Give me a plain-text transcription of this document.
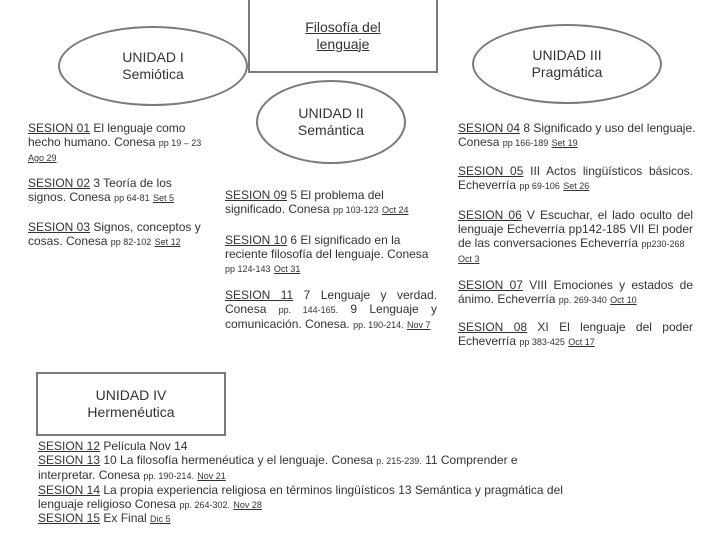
UNIDAD I
Semiótica
Filosofía del
lenguaje
UNIDAD III
Pragmática
UNIDAD II
Semántica
UNIDAD IV
Hermenéutica
SESION 01 El lenguaje como hecho humano. Conesa pp 19 – 23
Ago 29
SESION 02 3 Teoría de los signos. Conesa pp 64-81 Set 5
SESION 03 Signos, conceptos y cosas. Conesa pp 82-102 Set 12
SESION 09 5 El problema del significado. Conesa pp 103-123 Oct 24
SESION 10 6 El significado en la reciente filosofía del lenguaje. Conesa pp 124-143 Oct 31
SESION 11 7 Lenguaje y verdad. Conesa pp. 144-165. 9 Lenguaje y comunicación. Conesa. pp. 190-214. Nov 7
SESION 04 8 Significado y uso del lenguaje. Conesa pp 166-189 Set 19
SESION 05 III Actos lingüísticos básicos. Echeverría pp 69-106 Set 26
SESION 06 V Escuchar, el lado oculto del lenguaje Echeverría pp142-185 VII El poder de las conversaciones Echeverría pp230-268
Oct 3
SESION 07 VIII Emociones y estados de ánimo. Echeverría pp. 269-340 Oct 10
SESION 08 XI El lenguaje del poder Echeverría pp 383-425 Oct 17
SESION 12 Película Nov 14
SESION 13 10 La filosofía hermenéutica y el lenguaje. Conesa p. 215-239. 11 Comprender e interpretar. Conesa pp. 190-214. Nov 21
SESION 14 La propia experiencia religiosa en términos lingüísticos 13 Semántica y pragmática del lenguaje religioso Conesa pp. 264-302. Nov 28
SESION 15 Ex Final Dic 5
